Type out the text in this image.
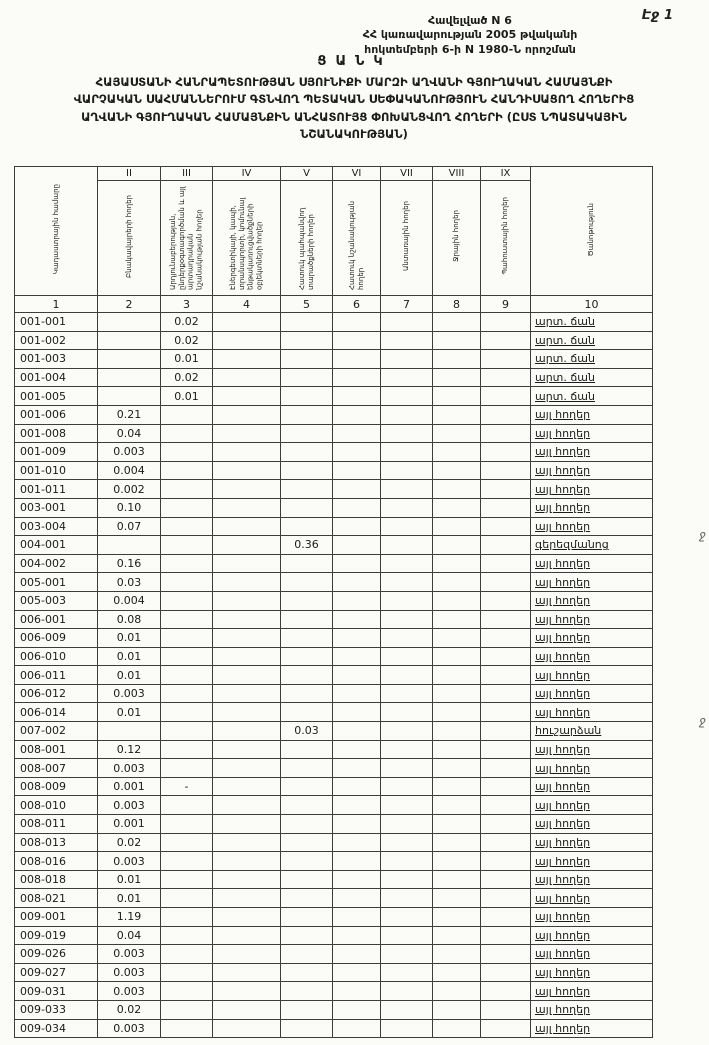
Էջ 1
Հավելված N 6
ՀՀ կառավարության 2005 թվականի
հոկտեմբերի 6-ի N 1980-Ն որոշման
ՑԱՆԿ
ՀԱՅԱՍՏԱՆԻ ՀԱՆՐԱՊԵՏՈՒԹՅԱՆ ՍՅՈՒՆԻՔԻ ՄԱՐԶԻ ԱՂՎԱՆԻ ԳՅՈՒՂԱԿԱՆ ՀԱՄԱՅՆՔԻ
ՎԱՐՉԱԿԱՆ ՍԱՀՄԱՆՆԵՐՈՒՄ ԳՏՆՎՈՂ ՊԵՏԱԿԱՆ ՍԵՓԱԿԱՆՈՒԹՅՈՒՆ ՀԱՆԴԻՍԱՑՈՂ ՀՈՂԵՐԻՑ
ԱՂՎԱՆԻ ԳՅՈՒՂԱԿԱՆ ՀԱՄԱՅՆՔԻՆ ԱՆՀԱՏՈՒՅՑ ՓՈԽԱՆՑՎՈՂ ՀՈՂԵՐԻ (ԸՍՏ ՆՊԱՏԱԿԱՅԻՆ
ՆՇԱՆԱԿՈՒԹՅԱՆ)
Կադաստրային համարը	II	III	IV	V	VI	VII	VIII	IX	Ծանոթություն
	Բնակավայրերի հողեր	Արդյունաբերության, ընդերքօգտագործման և այլ արտադրական նշանակության հողեր	Էներգետիկայի, կապի, տրանսպորտի, կոմունալ ենթակառուցվածքների օբյեկտների հողեր	Հատուկ պահպանվող տարածքների հողեր	Հատուկ նշանակության հողեր	Անտառային հողեր	Ջրային հողեր	Պահուստային հողեր	
1	2	3	4	5	6	7	8	9	10
001-001		0.02							արտ. ճան
001-002		0.02							արտ. ճան
001-003		0.01							արտ. ճան
001-004		0.02							արտ. ճան
001-005		0.01							արտ. ճան
001-006	0.21								այլ հողեր
001-008	0.04								այլ հողեր
001-009	0.003								այլ հողեր
001-010	0.004								այլ հողեր
001-011	0.002								այլ հողեր
003-001	0.10								այլ հողեր
003-004	0.07								այլ հողեր
004-001				0.36					գերեզմանոց
004-002	0.16								այլ հողեր
005-001	0.03								այլ հողեր
005-003	0.004								այլ հողեր
006-001	0.08								այլ հողեր
006-009	0.01								այլ հողեր
006-010	0.01								այլ հողեր
006-011	0.01								այլ հողեր
006-012	0.003								այլ հողեր
006-014	0.01								այլ հողեր
007-002				0.03					հուշարձան
008-001	0.12								այլ հողեր
008-007	0.003								այլ հողեր
008-009	0.001	-							այլ հողեր
008-010	0.003								այլ հողեր
008-011	0.001								այլ հողեր
008-013	0.02								այլ հողեր
008-016	0.003								այլ հողեր
008-018	0.01								այլ հողեր
008-021	0.01								այլ հողեր
009-001	1.19								այլ հողեր
009-019	0.04								այլ հողեր
009-026	0.003								այլ հողեր
009-027	0.003								այլ հողեր
009-031	0.003								այլ հողեր
009-033	0.02								այլ հողեր
009-034	0.003								այլ հողեր
ջ
ջ
